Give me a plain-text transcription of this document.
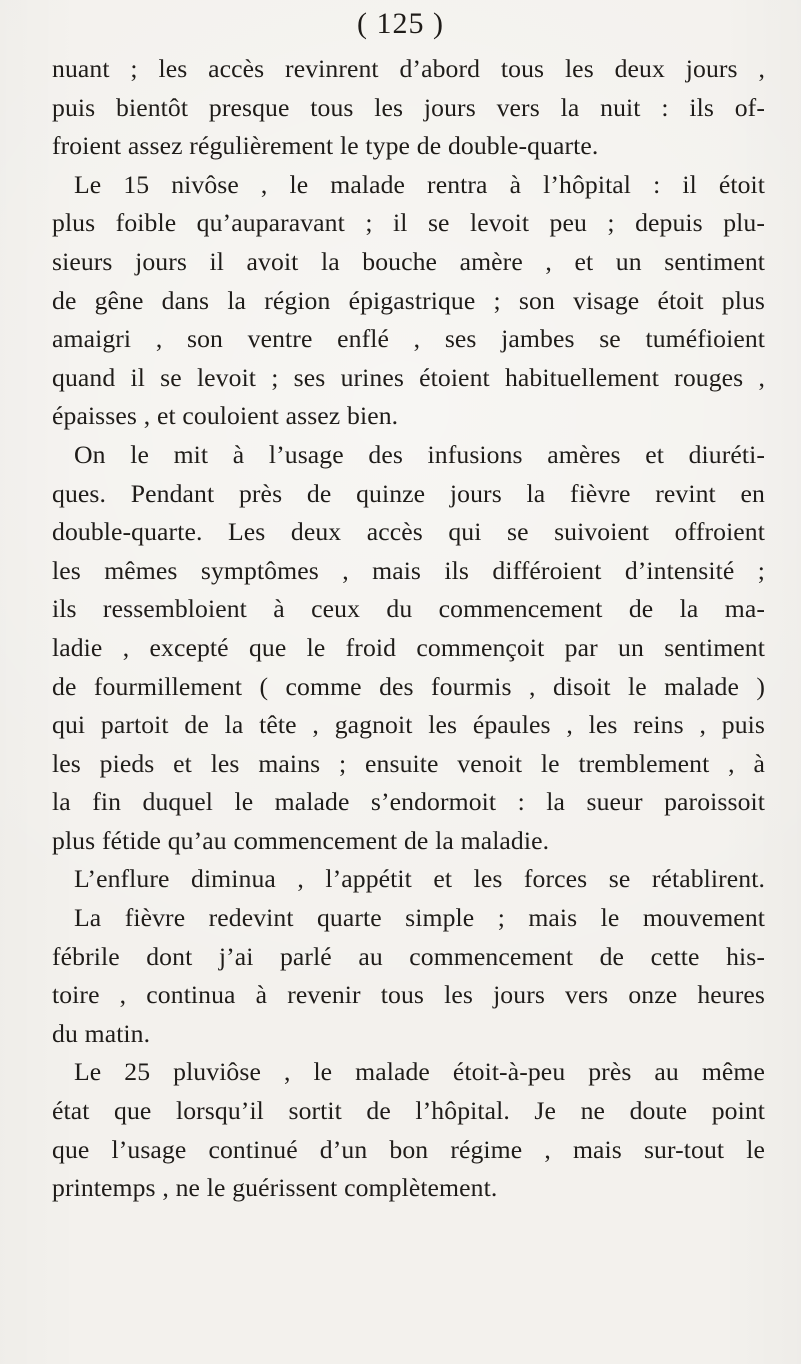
( 125 )
nuant ; les accès revinrent d’abord tous les deux jours ,
puis bientôt presque tous les jours vers la nuit : ils of-
froient assez régulièrement le type de double-quarte.
Le 15 nivôse , le malade rentra à l’hôpital : il étoit
plus foible qu’auparavant ; il se levoit peu ; depuis plu-
sieurs jours il avoit la bouche amère , et un sentiment
de gêne dans la région épigastrique ; son visage étoit plus
amaigri , son ventre enflé , ses jambes se tuméfioient
quand il se levoit ; ses urines étoient habituellement rouges ,
épaisses , et couloient assez bien.
On le mit à l’usage des infusions amères et diuréti-
ques. Pendant près de quinze jours la fièvre revint en
double-quarte. Les deux accès qui se suivoient offroient
les mêmes symptômes , mais ils différoient d’intensité ;
ils ressembloient à ceux du commencement de la ma-
ladie , excepté que le froid commençoit par un sentiment
de fourmillement ( comme des fourmis , disoit le malade )
qui partoit de la tête , gagnoit les épaules , les reins , puis
les pieds et les mains ; ensuite venoit le tremblement , à
la fin duquel le malade s’endormoit : la sueur paroissoit
plus fétide qu’au commencement de la maladie.
L’enflure diminua , l’appétit et les forces se rétablirent.
La fièvre redevint quarte simple ; mais le mouvement
fébrile dont j’ai parlé au commencement de cette his-
toire , continua à revenir tous les jours vers onze heures
du matin.
Le 25 pluviôse , le malade étoit-à-peu près au même
état que lorsqu’il sortit de l’hôpital. Je ne doute point
que l’usage continué d’un bon régime , mais sur-tout le
printemps , ne le guérissent complètement.
